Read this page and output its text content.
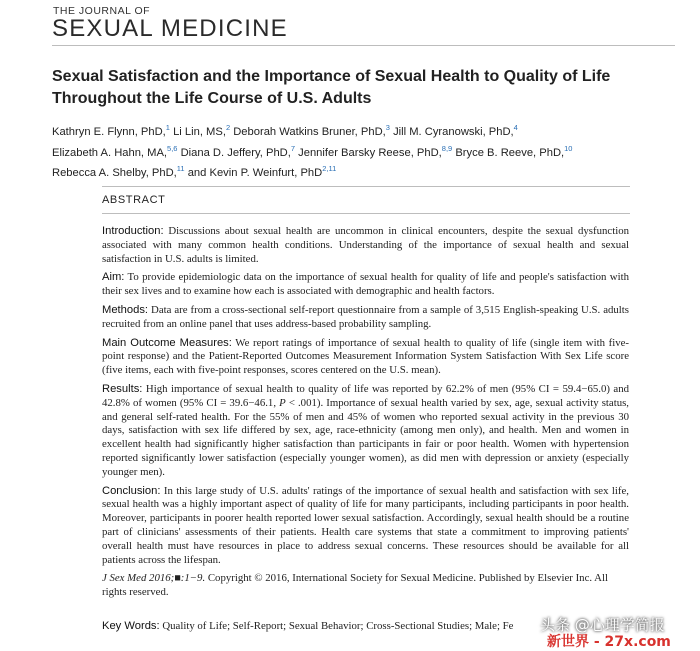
THE JOURNAL OF
SEXUAL MEDICINE
Sexual Satisfaction and the Importance of Sexual Health to Quality of Life Throughout the Life Course of U.S. Adults

Kathryn E. Flynn, PhD,$^1$ Li Lin, MS,$^2$ Deborah Watkins Bruner, PhD,$^3$ Jill M. Cyranowski, PhD,$^4$
Elizabeth A. Hahn, MA,$^{5,6}$ Diana D. Jeffery, PhD,$^7$ Jennifer Barsky Reese, PhD,$^{8,9}$ Bryce B. Reeve, PhD,$^{10}$
Rebecca A. Shelby, PhD,$^{11}$ and Kevin P. Weinfurt, PhD$^{2,11}$

ABSTRACT

Introduction: Discussions about sexual health are uncommon in clinical encounters, despite the sexual dysfunction associated with many common health conditions. Understanding of the importance of sexual health and sexual satisfaction in U.S. adults is limited.

Aim: To provide epidemiologic data on the importance of sexual health for quality of life and people's satisfaction with their sex lives and to examine how each is associated with demographic and health factors.

Methods: Data are from a cross-sectional self-report questionnaire from a sample of 3,515 English-speaking U.S. adults recruited from an online panel that uses address-based probability sampling.

Main Outcome Measures: We report ratings of importance of sexual health to quality of life (single item with five-point response) and the Patient-Reported Outcomes Measurement Information System Satisfaction With Sex Life score (five items, each with five-point responses, scores centered on the U.S. mean).

Results: High importance of sexual health to quality of life was reported by 62.2% of men (95% CI = 59.4−65.0) and 42.8% of women (95% CI = 39.6−46.1, P < .001). Importance of sexual health varied by sex, age, sexual activity status, and general self-rated health. For the 55% of men and 45% of women who reported sexual activity in the previous 30 days, satisfaction with sex life differed by sex, age, race-ethnicity (among men only), and health. Men and women in excellent health had significantly higher satisfaction than participants in fair or poor health. Women with hypertension reported significantly lower satisfaction (especially younger women), as did men with depression or anxiety (especially younger men).

Conclusion: In this large study of U.S. adults' ratings of the importance of sexual health and satisfaction with sex life, sexual health was a highly important aspect of quality of life for many participants, including participants in poor health. Moreover, participants in poorer health reported lower sexual satisfaction. Accordingly, sexual health should be a routine part of clinicians' assessments of their patients. Health care systems that state a commitment to improving patients' overall health must have resources in place to address sexual concerns. These resources should be available for all patients across the lifespan.

J Sex Med 2016;■:1−9. Copyright © 2016, International Society for Sexual Medicine. Published by Elsevier Inc. All rights reserved.

Key Words: Quality of Life; Self-Report; Sexual Behavior; Cross-Sectional Studies; Male; Fe	头条 @心理学简报
新世界 - 27x.com
